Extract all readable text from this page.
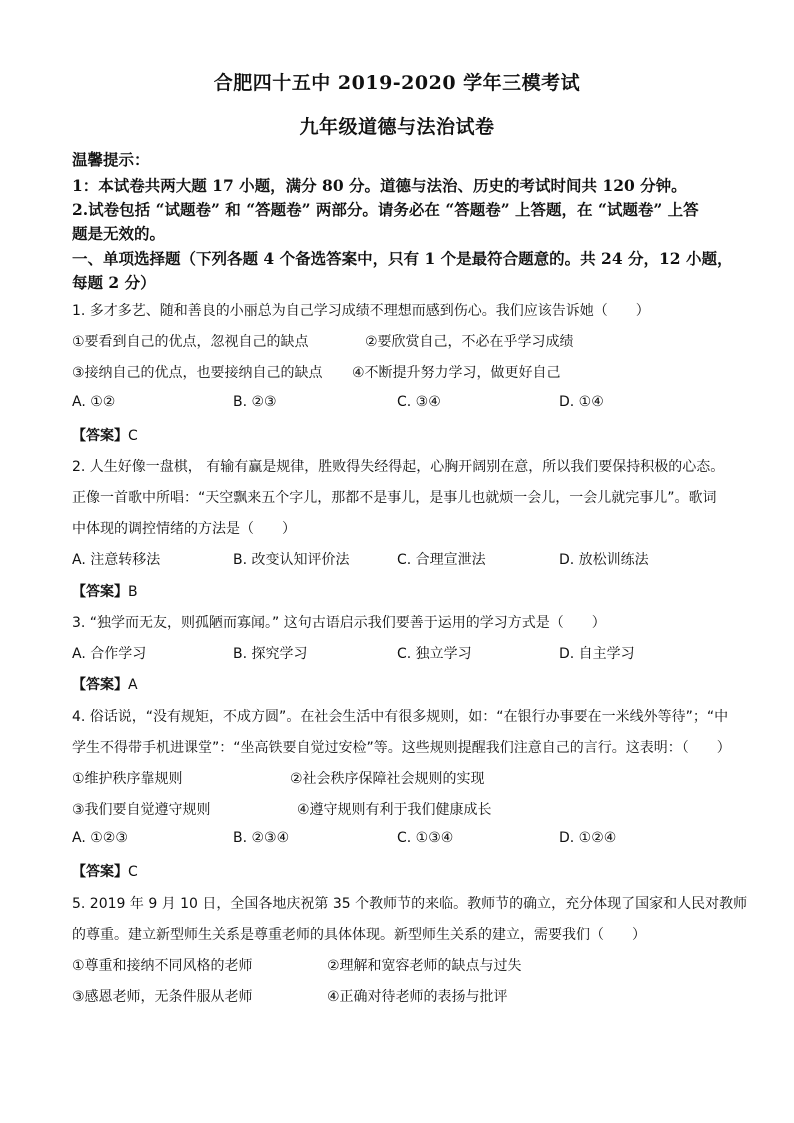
合肥四十五中 2019-2020 学年三模考试
九年级道德与法治试卷
温馨提示：
1：本试卷共两大题 17 小题，满分 80 分。道德与法治、历史的考试时间共 120 分钟。
2.试卷包括 “试题卷” 和 “答题卷” 两部分。请务必在 “答题卷” 上答题，在 “试题卷” 上答
题是无效的。
一、单项选择题（下列各题 4 个备选答案中，只有 1 个是最符合题意的。共 24 分，12 小题，
每题 2 分）
1. 多才多艺、随和善良的小丽总为自己学习成绩不理想而感到伤心。我们应该告诉她（　　）
①要看到自己的优点，忽视自己的缺点	②要欣赏自己，不必在乎学习成绩
③接纳自己的优点，也要接纳自己的缺点 ④不断提升努力学习，做更好自己
A. ①②	B. ②③	C. ③④	D. ①④
【答案】C
2. 人生好像一盘棋， 有输有赢是规律，胜败得失经得起，心胸开阔别在意，所以我们要保持积极的心态。
正像一首歌中所唱：“天空飘来五个字儿，那都不是事儿，是事儿也就烦一会儿，一会儿就完事儿”。歌词
中体现的调控情绪的方法是（　　）
A. 注意转移法	B. 改变认知评价法	C. 合理宣泄法	D. 放松训练法
【答案】B
3. “独学而无友，则孤陋而寡闻。” 这句古语启示我们要善于运用的学习方式是（　　）
A. 合作学习	B. 探究学习	C. 独立学习	D. 自主学习
【答案】A
4. 俗话说，“没有规矩，不成方圆”。在社会生活中有很多规则，如：“在银行办事要在一米线外等待”；“中
学生不得带手机进课堂”：“坐高铁要自觉过安检”等。这些规则提醒我们注意自己的言行。这表明：（　　）
①维护秩序靠规则	②社会秩序保障社会规则的实现
③我们要自觉遵守规则	④遵守规则有利于我们健康成长
A. ①②③	B. ②③④	C. ①③④	D. ①②④
【答案】C
5. 2019 年 9 月 10 日，全国各地庆祝第 35 个教师节的来临。教师节的确立，充分体现了国家和人民对教师
的尊重。建立新型师生关系是尊重老师的具体体现。新型师生关系的建立，需要我们（　　）
①尊重和接纳不同风格的老师	②理解和宽容老师的缺点与过失
③感恩老师，无条件服从老师	④正确对待老师的表扬与批评
